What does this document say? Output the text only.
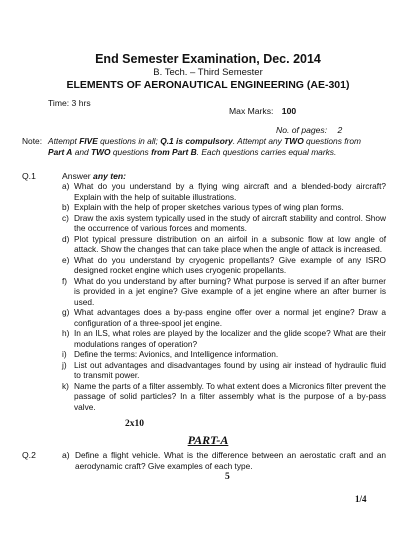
End Semester Examination, Dec. 2014
B. Tech. – Third Semester
ELEMENTS OF AERONAUTICAL ENGINEERING (AE-301)
Time: 3 hrs
Max Marks: 100
No. of pages: 2
Note: Attempt FIVE questions in all; Q.1 is compulsory. Attempt any TWO questions from Part A and TWO questions from Part B. Each questions carries equal marks.
Q.1	Answer any ten:
a) What do you understand by a flying wing aircraft and a blended-body aircraft? Explain with the help of suitable illustrations.
b) Explain with the help of proper sketches various types of wing plan forms.
c) Draw the axis system typically used in the study of aircraft stability and control. Show the occurrence of various forces and moments.
d) Plot typical pressure distribution on an airfoil in a subsonic flow at low angle of attack. Show the changes that can take place when the angle of attack is increased.
e) What do you understand by cryogenic propellants? Give example of any ISRO designed rocket engine which uses cryogenic propellants.
f) What do you understand by after burning? What purpose is served if an after burner is provided in a jet engine? Give example of a jet engine where an after burner is used.
g) What advantages does a by-pass engine offer over a normal jet engine? Draw a configuration of a three-spool jet engine.
h) In an ILS, what roles are played by the localizer and the glide scope? What are their modulations ranges of operation?
i) Define the terms: Avionics, and Intelligence information.
j) List out advantages and disadvantages found by using air instead of hydraulic fluid to transmit power.
k) Name the parts of a filter assembly. To what extent does a Micronics filter prevent the passage of solid particles? In a filter assembly what is the purpose of a by-pass valve.
2x10
PART-A
Q.2	a) Define a flight vehicle. What is the difference between an aerostatic craft and an aerodynamic craft? Give examples of each type.
5
1/4
